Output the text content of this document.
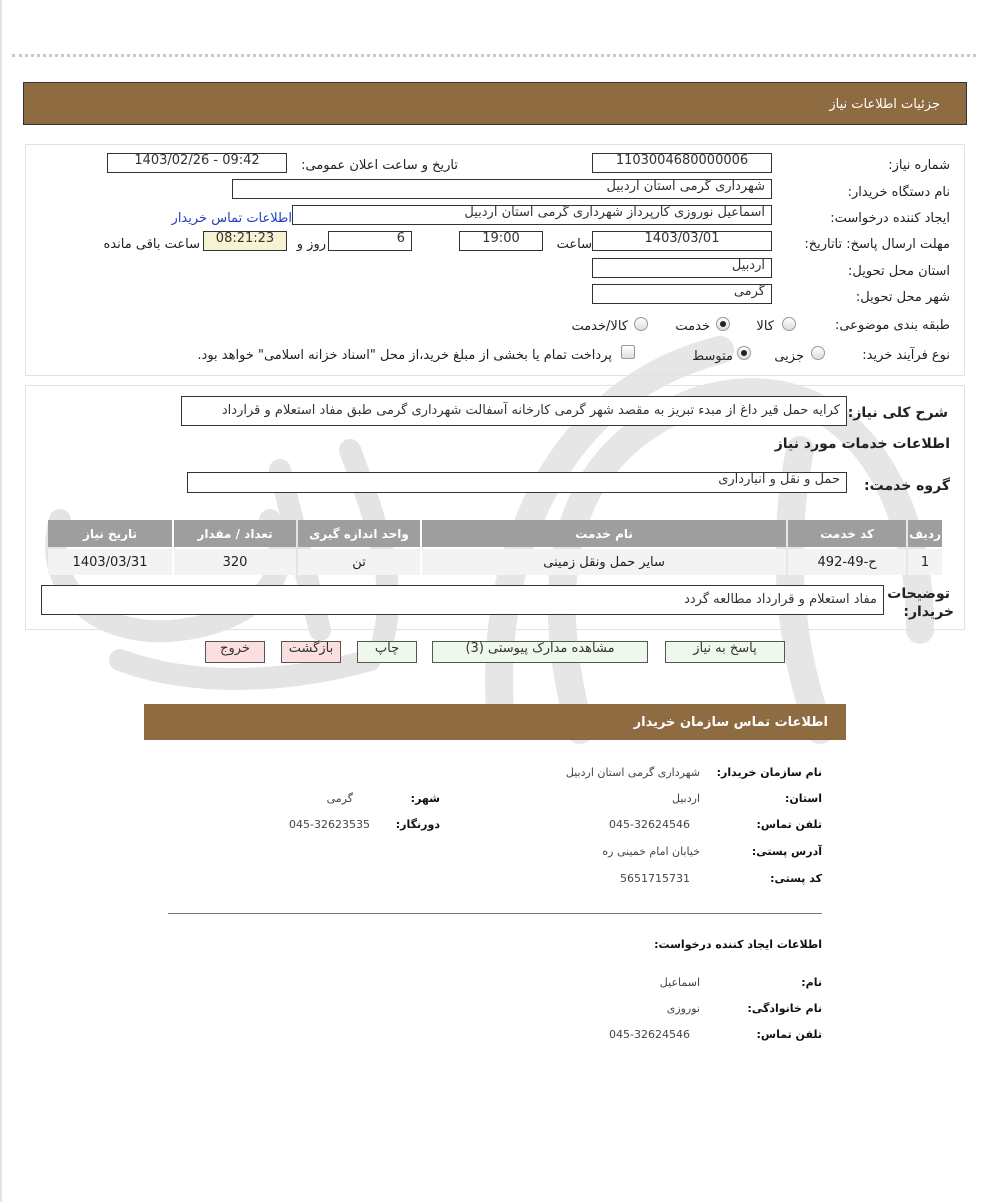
جزئیات اطلاعات نیاز
شماره نیاز:
1103004680000006
تاریخ و ساعت اعلان عمومی:
1403/02/26 - 09:42
نام دستگاه خریدار:
شهرداری گرمی استان اردبیل
ایجاد کننده درخواست:
اسماعیل نوروزی کارپرداز شهرداری گرمی استان اردبیل
اطلاعات تماس خریدار
مهلت ارسال پاسخ: تاتاریخ:
1403/03/01
ساعت
19:00
6
روز و
08:21:23
ساعت باقی مانده
استان محل تحویل:
اردبیل
شهر محل تحویل:
گرمی
طبقه بندی موضوعی:
کالا
خدمت
کالا/خدمت
نوع فرآیند خرید:
جزیی
متوسط
پرداخت تمام یا بخشی از مبلغ خرید،از محل "اسناد خزانه اسلامی" خواهد بود.
شرح کلی نیاز:
کرایه حمل قیر داغ از مبدء تبریز به مقصد شهر گرمی کارخانه آسفالت شهرداری گرمی طبق مفاد استعلام و قرارداد
اطلاعات خدمات مورد نیاز
گروه خدمت:
حمل و نقل و انبارداری
ردیف	کد خدمت	نام خدمت	واحد اندازه گیری	تعداد / مقدار	تاریخ نیاز
1	ح-49-492	سایر حمل ونقل زمینی	تن	320	1403/03/31
توضیحات
خریدار:
مفاد استعلام و قرارداد مطالعه گردد
پاسخ به نیاز
مشاهده مدارک پیوستی (3)
چاپ
بازگشت
خروج
اطلاعات تماس سازمان خریدار
نام سازمان خریدار:
شهرداری گرمی استان اردبیل
استان:
اردبیل
شهر:
گرمی
تلفن تماس:
045-32624546
دورنگار:
045-32623535
آدرس پستی:
خیابان امام خمینی ره
کد پستی:
5651715731
اطلاعات ایجاد کننده درخواست:
نام:
اسماعیل
نام خانوادگی:
نوروزی
تلفن تماس:
045-32624546
